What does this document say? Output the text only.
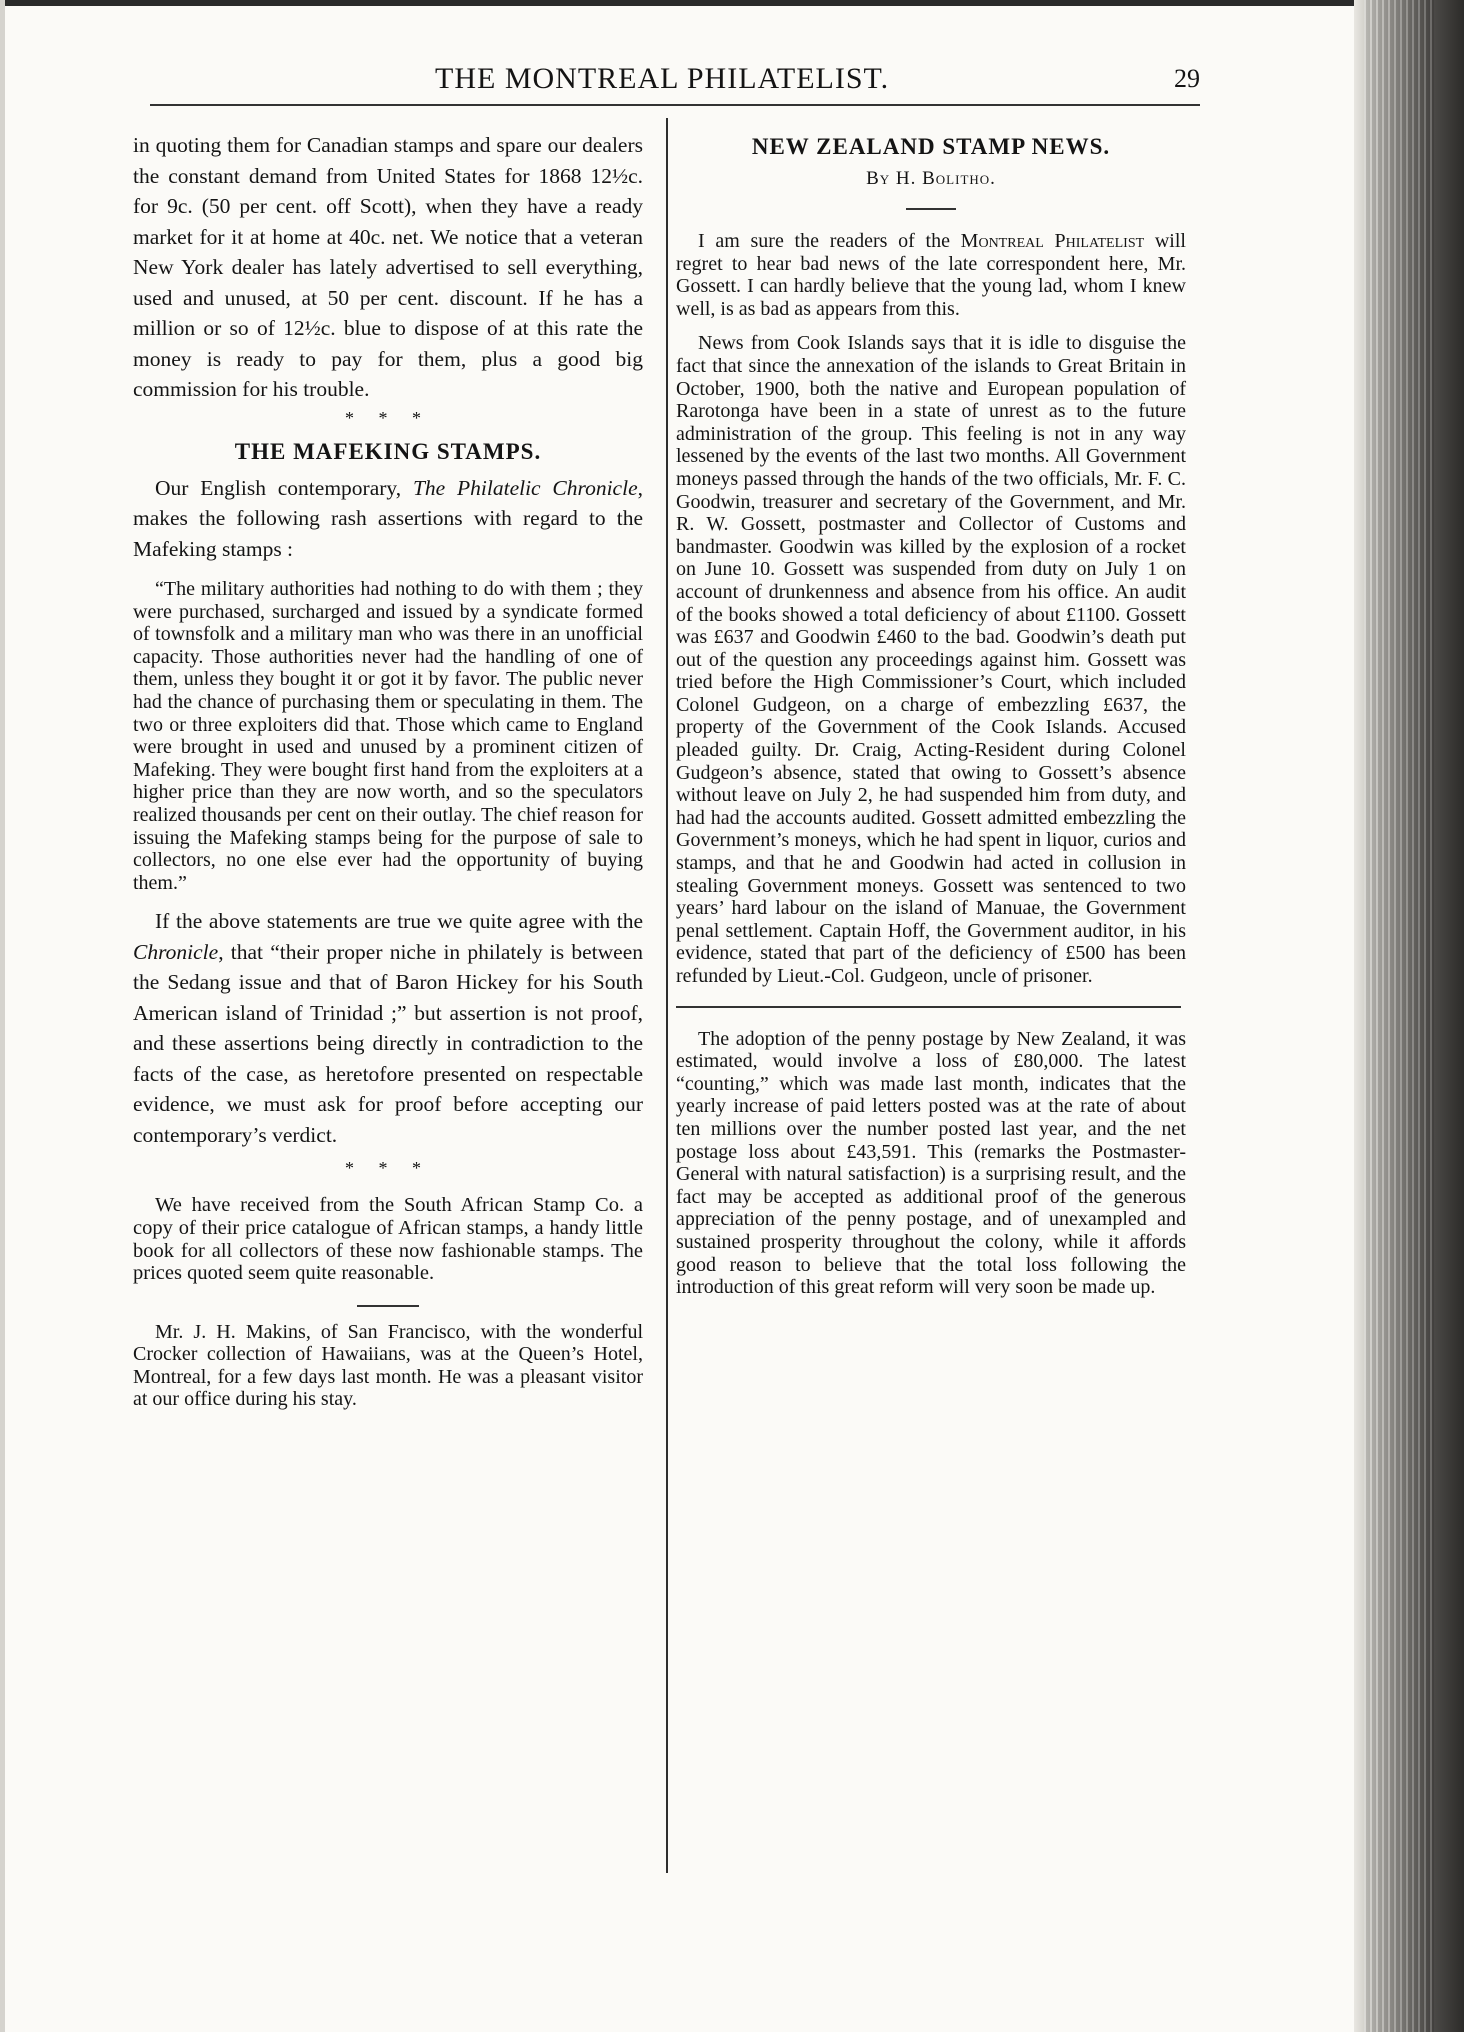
THE MONTREAL PHILATELIST.	29

in quoting them for Canadian stamps and spare our dealers the constant demand from United States for 1868 12½c. for 9c. (50 per cent. off Scott), when they have a ready market for it at home at 40c. net. We notice that a veteran New York dealer has lately advertised to sell everything, used and unused, at 50 per cent. discount. If he has a million or so of 12½c. blue to dispose of at this rate the money is ready to pay for them, plus a good big commission for his trouble.

* * *
THE MAFEKING STAMPS.

Our English contemporary, The Philatelic Chronicle, makes the following rash assertions with regard to the Mafeking stamps :

“The military authorities had nothing to do with them ; they were purchased, surcharged and issued by a syndicate formed of townsfolk and a military man who was there in an unofficial capacity. Those authorities never had the handling of one of them, unless they bought it or got it by favor. The public never had the chance of purchasing them or speculating in them. The two or three exploiters did that. Those which came to England were brought in used and unused by a prominent citizen of Mafeking. They were bought first hand from the exploiters at a higher price than they are now worth, and so the speculators realized thousands per cent on their outlay. The chief reason for issuing the Mafeking stamps being for the purpose of sale to collectors, no one else ever had the opportunity of buying them.”

If the above statements are true we quite agree with the Chronicle, that “their proper niche in philately is between the Sedang issue and that of Baron Hickey for his South American island of Trinidad ;” but assertion is not proof, and these assertions being directly in contradiction to the facts of the case, as heretofore presented on respectable evidence, we must ask for proof before accepting our contemporary’s verdict.

* * *

We have received from the South African Stamp Co. a copy of their price catalogue of African stamps, a handy little book for all collectors of these now fashionable stamps. The prices quoted seem quite reasonable.

Mr. J. H. Makins, of San Francisco, with the wonderful Crocker collection of Hawaiians, was at the Queen’s Hotel, Montreal, for a few days last month. He was a pleasant visitor at our office during his stay.

NEW ZEALAND STAMP NEWS.
By H. Bolitho.

I am sure the readers of the Montreal Philatelist will regret to hear bad news of the late correspondent here, Mr. Gossett. I can hardly believe that the young lad, whom I knew well, is as bad as appears from this.

News from Cook Islands says that it is idle to disguise the fact that since the annexation of the islands to Great Britain in October, 1900, both the native and European population of Rarotonga have been in a state of unrest as to the future administration of the group. This feeling is not in any way lessened by the events of the last two months. All Government moneys passed through the hands of the two officials, Mr. F. C. Goodwin, treasurer and secretary of the Government, and Mr. R. W. Gossett, postmaster and Collector of Customs and bandmaster. Goodwin was killed by the explosion of a rocket on June 10. Gossett was suspended from duty on July 1 on account of drunkenness and absence from his office. An audit of the books showed a total deficiency of about £1100. Gossett was £637 and Goodwin £460 to the bad. Goodwin’s death put out of the question any proceedings against him. Gossett was tried before the High Commissioner’s Court, which included Colonel Gudgeon, on a charge of embezzling £637, the property of the Government of the Cook Islands. Accused pleaded guilty. Dr. Craig, Acting-Resident during Colonel Gudgeon’s absence, stated that owing to Gossett’s absence without leave on July 2, he had suspended him from duty, and had had the accounts audited. Gossett admitted embezzling the Government’s moneys, which he had spent in liquor, curios and stamps, and that he and Goodwin had acted in collusion in stealing Government moneys. Gossett was sentenced to two years’ hard labour on the island of Manuae, the Government penal settlement. Captain Hoff, the Government auditor, in his evidence, stated that part of the deficiency of £500 has been refunded by Lieut.-Col. Gudgeon, uncle of prisoner.

The adoption of the penny postage by New Zealand, it was estimated, would involve a loss of £80,000. The latest “counting,” which was made last month, indicates that the yearly increase of paid letters posted was at the rate of about ten millions over the number posted last year, and the net postage loss about £43,591. This (remarks the Postmaster-General with natural satisfaction) is a surprising result, and the fact may be accepted as additional proof of the generous appreciation of the penny postage, and of unexampled and sustained prosperity throughout the colony, while it affords good reason to believe that the total loss following the introduction of this great reform will very soon be made up.
